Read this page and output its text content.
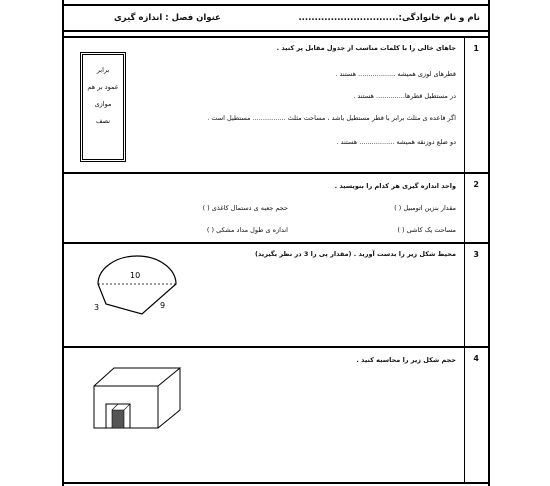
نام و نام خانوادگی:...............................
عنوان فصل : اندازه گیری
1
جاهای خالی را با کلمات مناسب از جدول مقابل پر کنید .
قطرهای لوزی همیشه .................. هستند .
در مستطیل قطرها.............. هستند .
اگر قاعده ی مثلث برابر با قطر مستطیل باشد ، مساحت مثلث ................ مستطیل است .
دو ضلع دوزنقه همیشه ................. هستند .
برابر
عمود بر هم
موازی
نصف
2
واحد اندازه گیری هر کدام را بنویسید .
مقدار بنزین اتومبیل ( )
حجم جعبه ی دستمال کاغذی ( )
مساحت یک کاشی ( )
اندازه ی طول مداد مشکی ( )
3
محیط شکل زیر را بدست آورید . (مقدار پی را 3 در نظر بگیرید)
10
9
3
4
حجم شکل زیر را محاسبه کنید .
